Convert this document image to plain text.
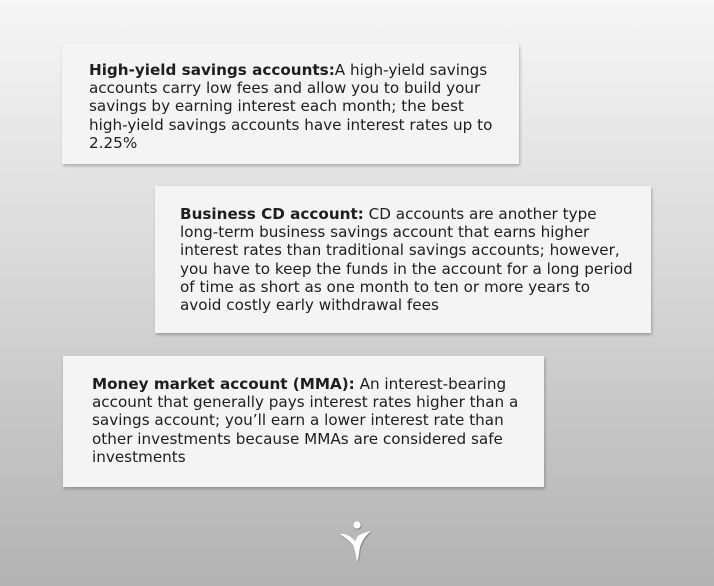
High-yield savings accounts:A high-yield savings accounts carry low fees and allow you to build your savings by earning interest each month; the best high-yield savings accounts have interest rates up to 2.25%

Business CD account: CD accounts are another type long-term business savings account that earns higher interest rates than traditional savings accounts; however, you have to keep the funds in the account for a long period of time as short as one month to ten or more years to avoid costly early withdrawal fees

Money market account (MMA): An interest-bearing account that generally pays interest rates higher than a savings account; you’ll earn a lower interest rate than other investments because MMAs are considered safe investments
